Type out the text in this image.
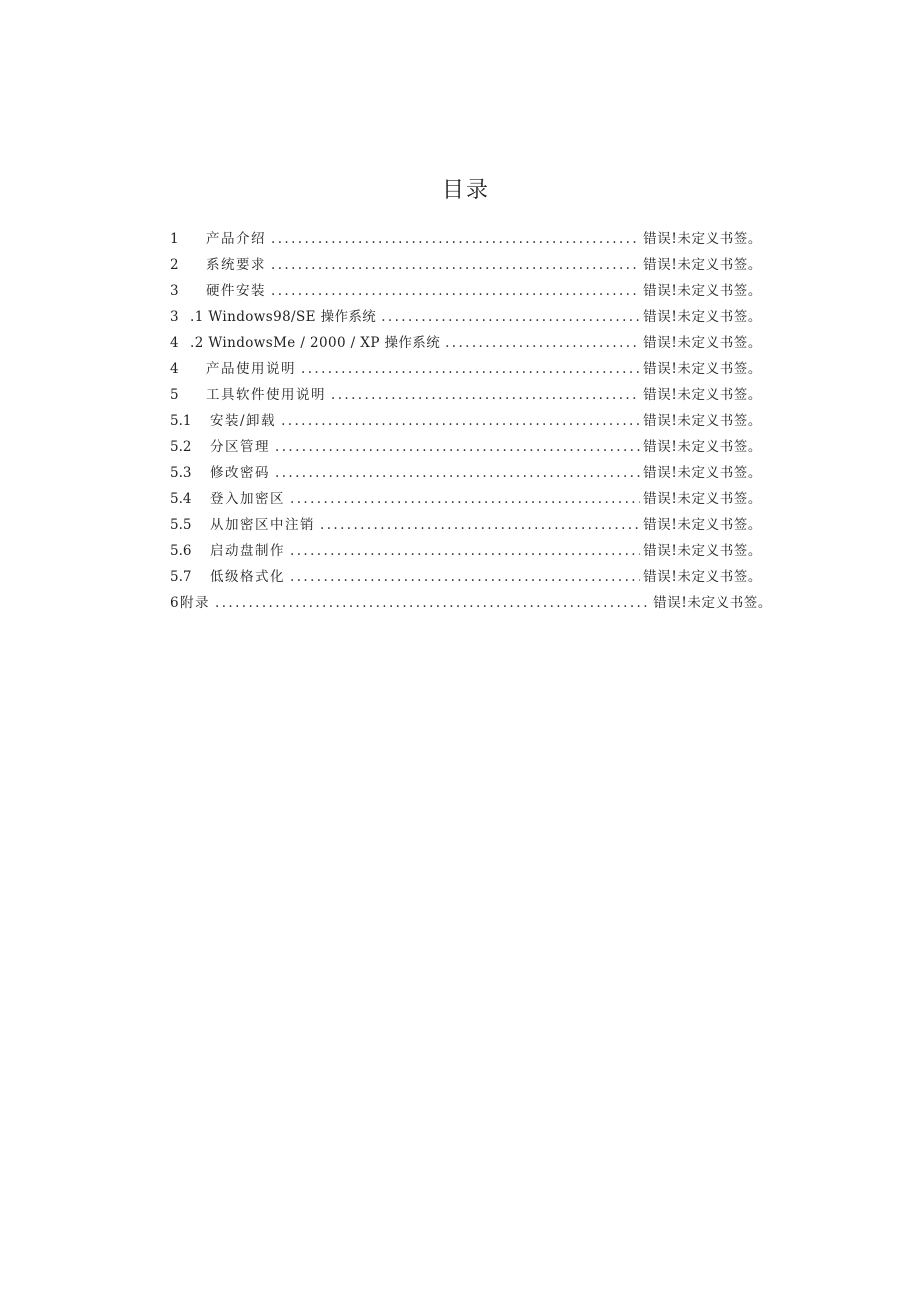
目录
1	产品介绍 .....	错误!未定义书签。
2	系统要求 .....	错误!未定义书签。
3	硬件安装 .....	错误!未定义书签。
3 .1 Windows98/SE 操作系统 .....	错误!未定义书签。
4 .2 WindowsMe / 2000 / XP 操作系统 .....	错误!未定义书签。
4	产品使用说明 .....	错误!未定义书签。
5	工具软件使用说明 .....	错误!未定义书签。
5.1	安装/卸载 .....	错误!未定义书签。
5.2	分区管理 .....	错误!未定义书签。
5.3	修改密码 .....	错误!未定义书签。
5.4	登入加密区 .....	错误!未定义书签。
5.5	从加密区中注销 .....	错误!未定义书签。
5.6	启动盘制作 .....	错误!未定义书签。
5.7	低级格式化 .....	错误!未定义书签。
6 附录 .....	错误!未定义书签。
